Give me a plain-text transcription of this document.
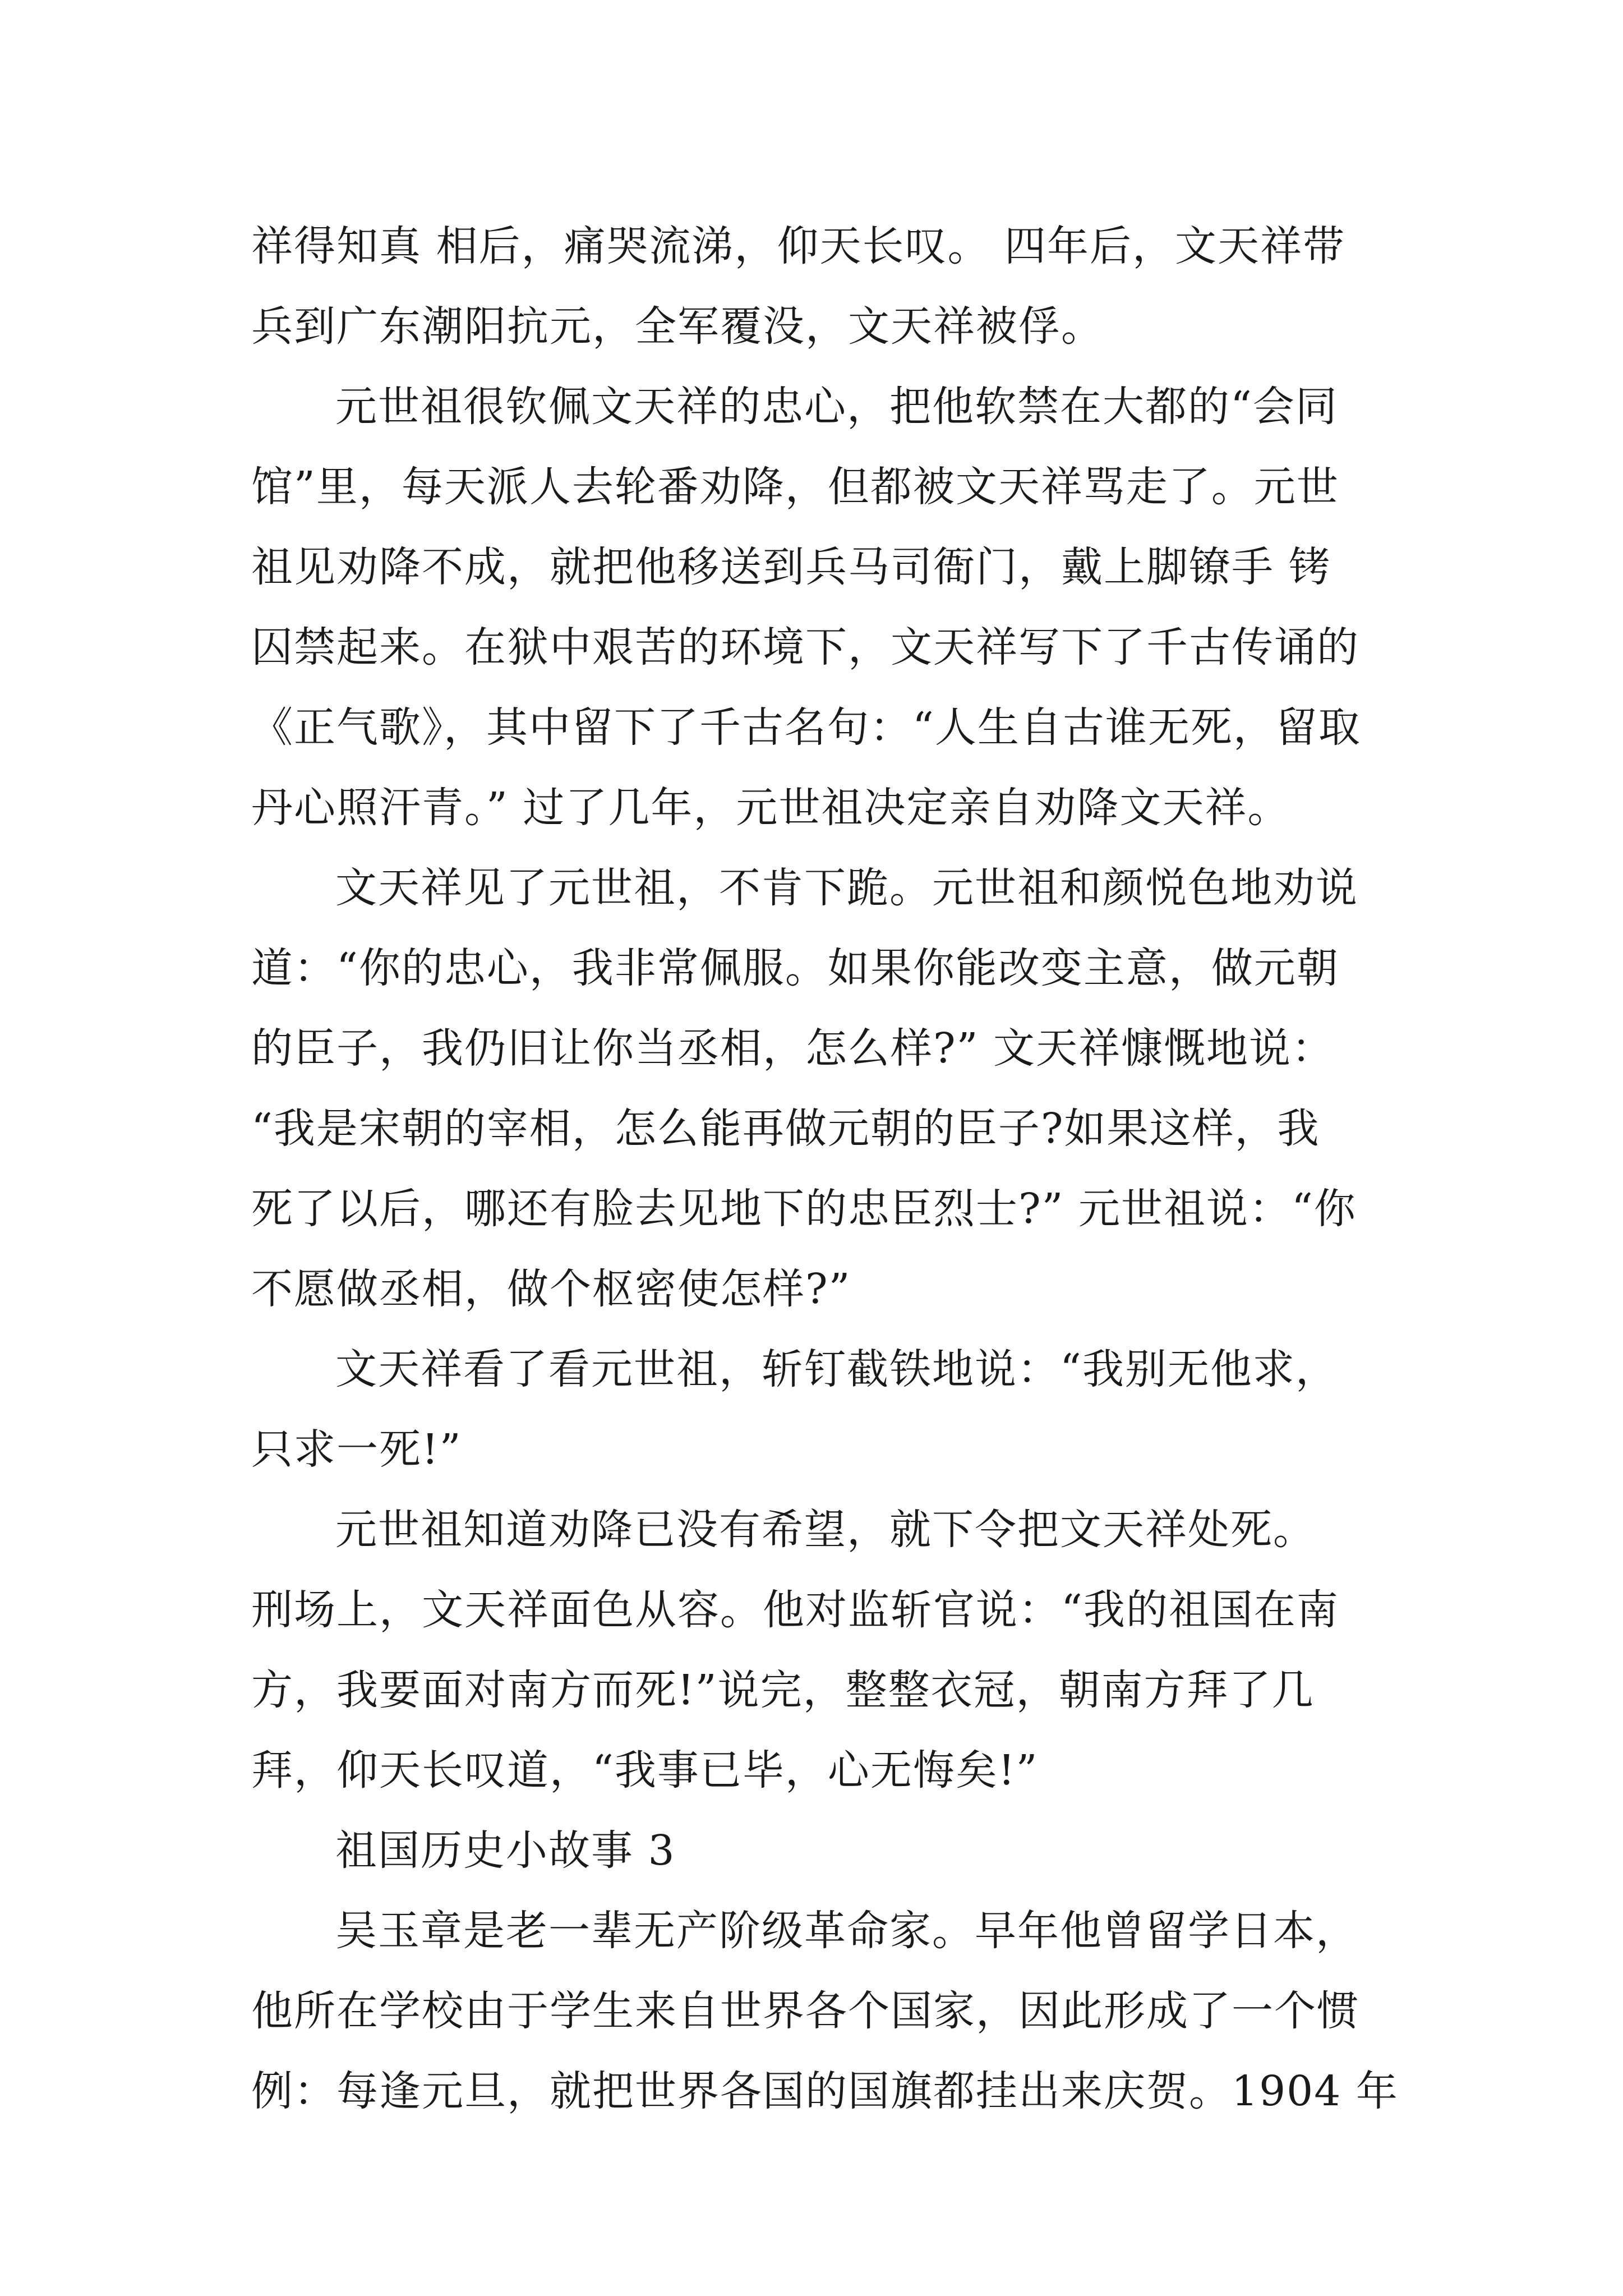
祥得知真 相后，痛哭流涕，仰天长叹。 四年后，文天祥带
兵到广东潮阳抗元，全军覆没，文天祥被俘。
元世祖很钦佩文天祥的忠心，把他软禁在大都的“会同
馆”里，每天派人去轮番劝降，但都被文天祥骂走了。元世
祖见劝降不成，就把他移送到兵马司衙门，戴上脚镣手 铐
囚禁起来。在狱中艰苦的环境下，文天祥写下了千古传诵的
《正气歌》，其中留下了千古名句：“人生自古谁无死，留取
丹心照汗青。” 过了几年，元世祖决定亲自劝降文天祥。
文天祥见了元世祖，不肯下跪。元世祖和颜悦色地劝说
道：“你的忠心，我非常佩服。如果你能改变主意，做元朝
的臣子，我仍旧让你当丞相，怎么样?” 文天祥慷慨地说：
“我是宋朝的宰相，怎么能再做元朝的臣子?如果这样，我
死了以后，哪还有脸去见地下的忠臣烈士?” 元世祖说：“你
不愿做丞相，做个枢密使怎样?”
文天祥看了看元世祖，斩钉截铁地说：“我别无他求，
只求一死!”
元世祖知道劝降已没有希望，就下令把文天祥处死。
刑场上，文天祥面色从容。他对监斩官说：“我的祖国在南
方，我要面对南方而死!”说完，整整衣冠，朝南方拜了几
拜，仰天长叹道，“我事已毕，心无悔矣!”
祖国历史小故事 3
吴玉章是老一辈无产阶级革命家。早年他曾留学日本，
他所在学校由于学生来自世界各个国家，因此形成了一个惯
例：每逢元旦，就把世界各国的国旗都挂出来庆贺。1904 年
